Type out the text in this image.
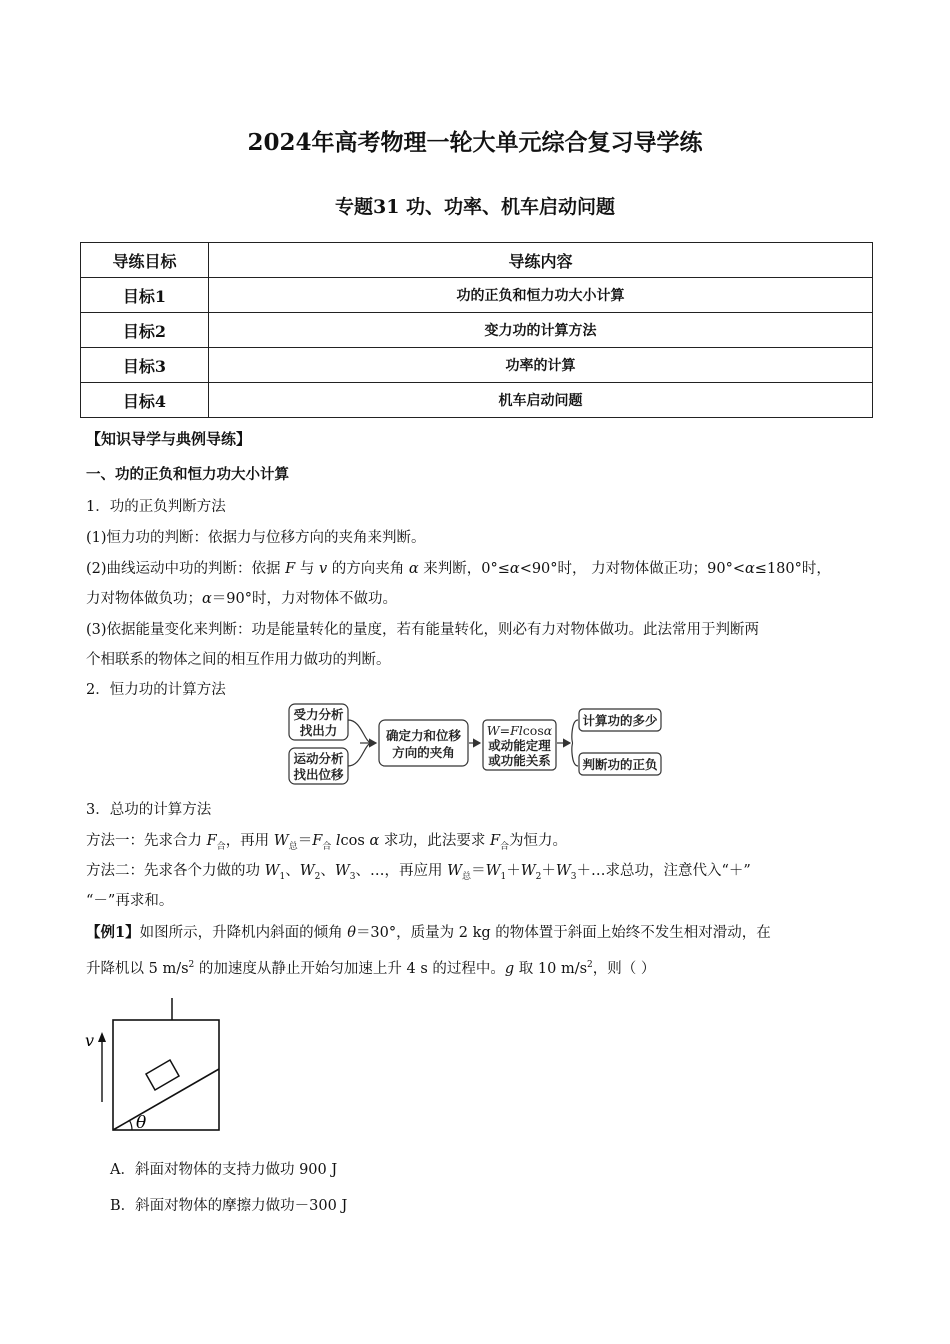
2024年高考物理一轮大单元综合复习导学练
专题31 功、功率、机车启动问题
导练目标	导练内容
目标1	功的正负和恒力功大小计算
目标2	变力功的计算方法
目标3	功率的计算
目标4	机车启动问题
【知识导学与典例导练】
一、功的正负和恒力功大小计算
1．功的正负判断方法
(1)恒力功的判断：依据力与位移方向的夹角来判断。
(2)曲线运动中功的判断：依据 F 与 v 的方向夹角 α 来判断，0°≤α<90°时， 力对物体做正功；90°<α≤180°时，
力对物体做负功；α＝90°时，力对物体不做功。
(3)依据能量变化来判断：功是能量转化的量度，若有能量转化，则必有力对物体做功。此法常用于判断两
个相联系的物体之间的相互作用力做功的判断。
2．恒力功的计算方法
受力分析
找出力
运动分析
找出位移
确定力和位移
方向的夹角
W=Flcosα
或动能定理
或功能关系
计算功的多少
判断功的正负
3．总功的计算方法
方法一：先求合力 $F_合$，再用 $W_总=F_合$ lcos α 求功，此法要求 $F_合$为恒力。
方法二：先求各个力做的功 $W_1$、$W_2$、$W_3$、…，再应用 $W_总=W_1+W_2+W_3+\dots$求总功，注意代入“＋”
“－”再求和。
【例1】如图所示，升降机内斜面的倾角 θ＝30°，质量为 2 kg 的物体置于斜面上始终不发生相对滑动，在
升降机以 5 $m/s^2$ 的加速度从静止开始匀加速上升 4 s 的过程中。g 取 10 $m/s^2$，则（ ）
θ
v
A．斜面对物体的支持力做功 900 J
B．斜面对物体的摩擦力做功－300 J
